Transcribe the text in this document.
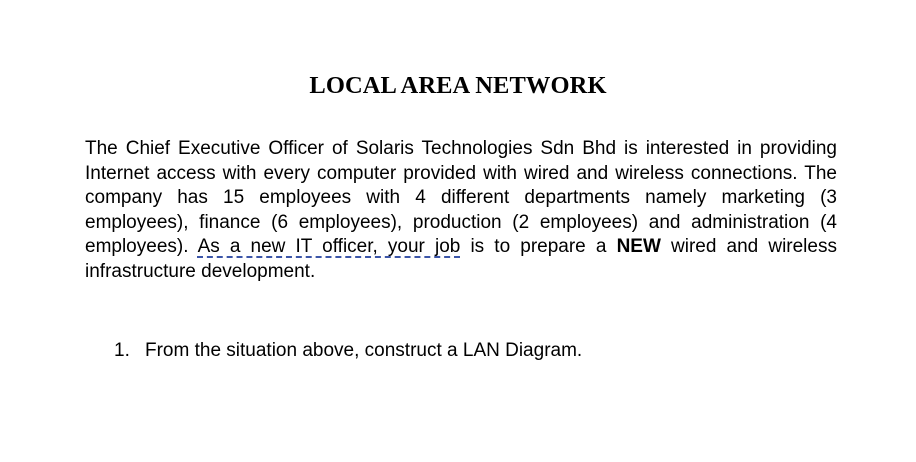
LOCAL AREA NETWORK
The Chief Executive Officer of Solaris Technologies Sdn Bhd is interested in providing Internet access with every computer provided with wired and wireless connections. The company has 15 employees with 4 different departments namely marketing (3 employees), finance (6 employees), production (2 employees) and administration (4 employees). As a new IT officer, your job is to prepare a NEW wired and wireless infrastructure development.
1. From the situation above, construct a LAN Diagram.
